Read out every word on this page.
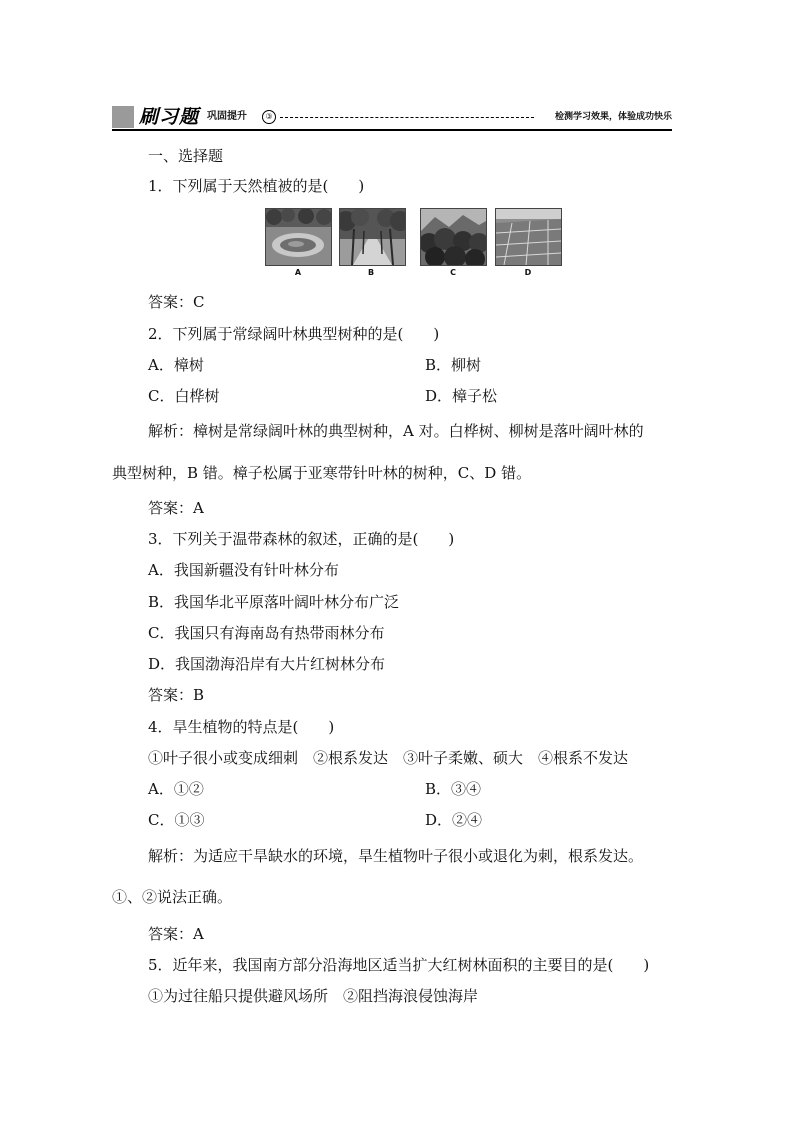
刷习题 巩固提升	③	检测学习效果，体验成功快乐
一、选择题
1．下列属于天然植被的是(　　)
A	B	C	D
答案：C
2．下列属于常绿阔叶林典型树种的是(　　)
A．樟树	B．柳树
C．白桦树	D．樟子松
解析：樟树是常绿阔叶林的典型树种，A 对。白桦树、柳树是落叶阔叶林的
典型树种，B 错。樟子松属于亚寒带针叶林的树种，C、D 错。
答案：A
3．下列关于温带森林的叙述，正确的是(　　)
A．我国新疆没有针叶林分布
B．我国华北平原落叶阔叶林分布广泛
C．我国只有海南岛有热带雨林分布
D．我国渤海沿岸有大片红树林分布
答案：B
4．旱生植物的特点是(　　)
①叶子很小或变成细刺　②根系发达　③叶子柔嫩、硕大　④根系不发达
A．①②	B．③④
C．①③	D．②④
解析：为适应干旱缺水的环境，旱生植物叶子很小或退化为刺，根系发达。
①、②说法正确。
答案：A
5．近年来，我国南方部分沿海地区适当扩大红树林面积的主要目的是(　　)
①为过往船只提供避风场所　②阻挡海浪侵蚀海岸
